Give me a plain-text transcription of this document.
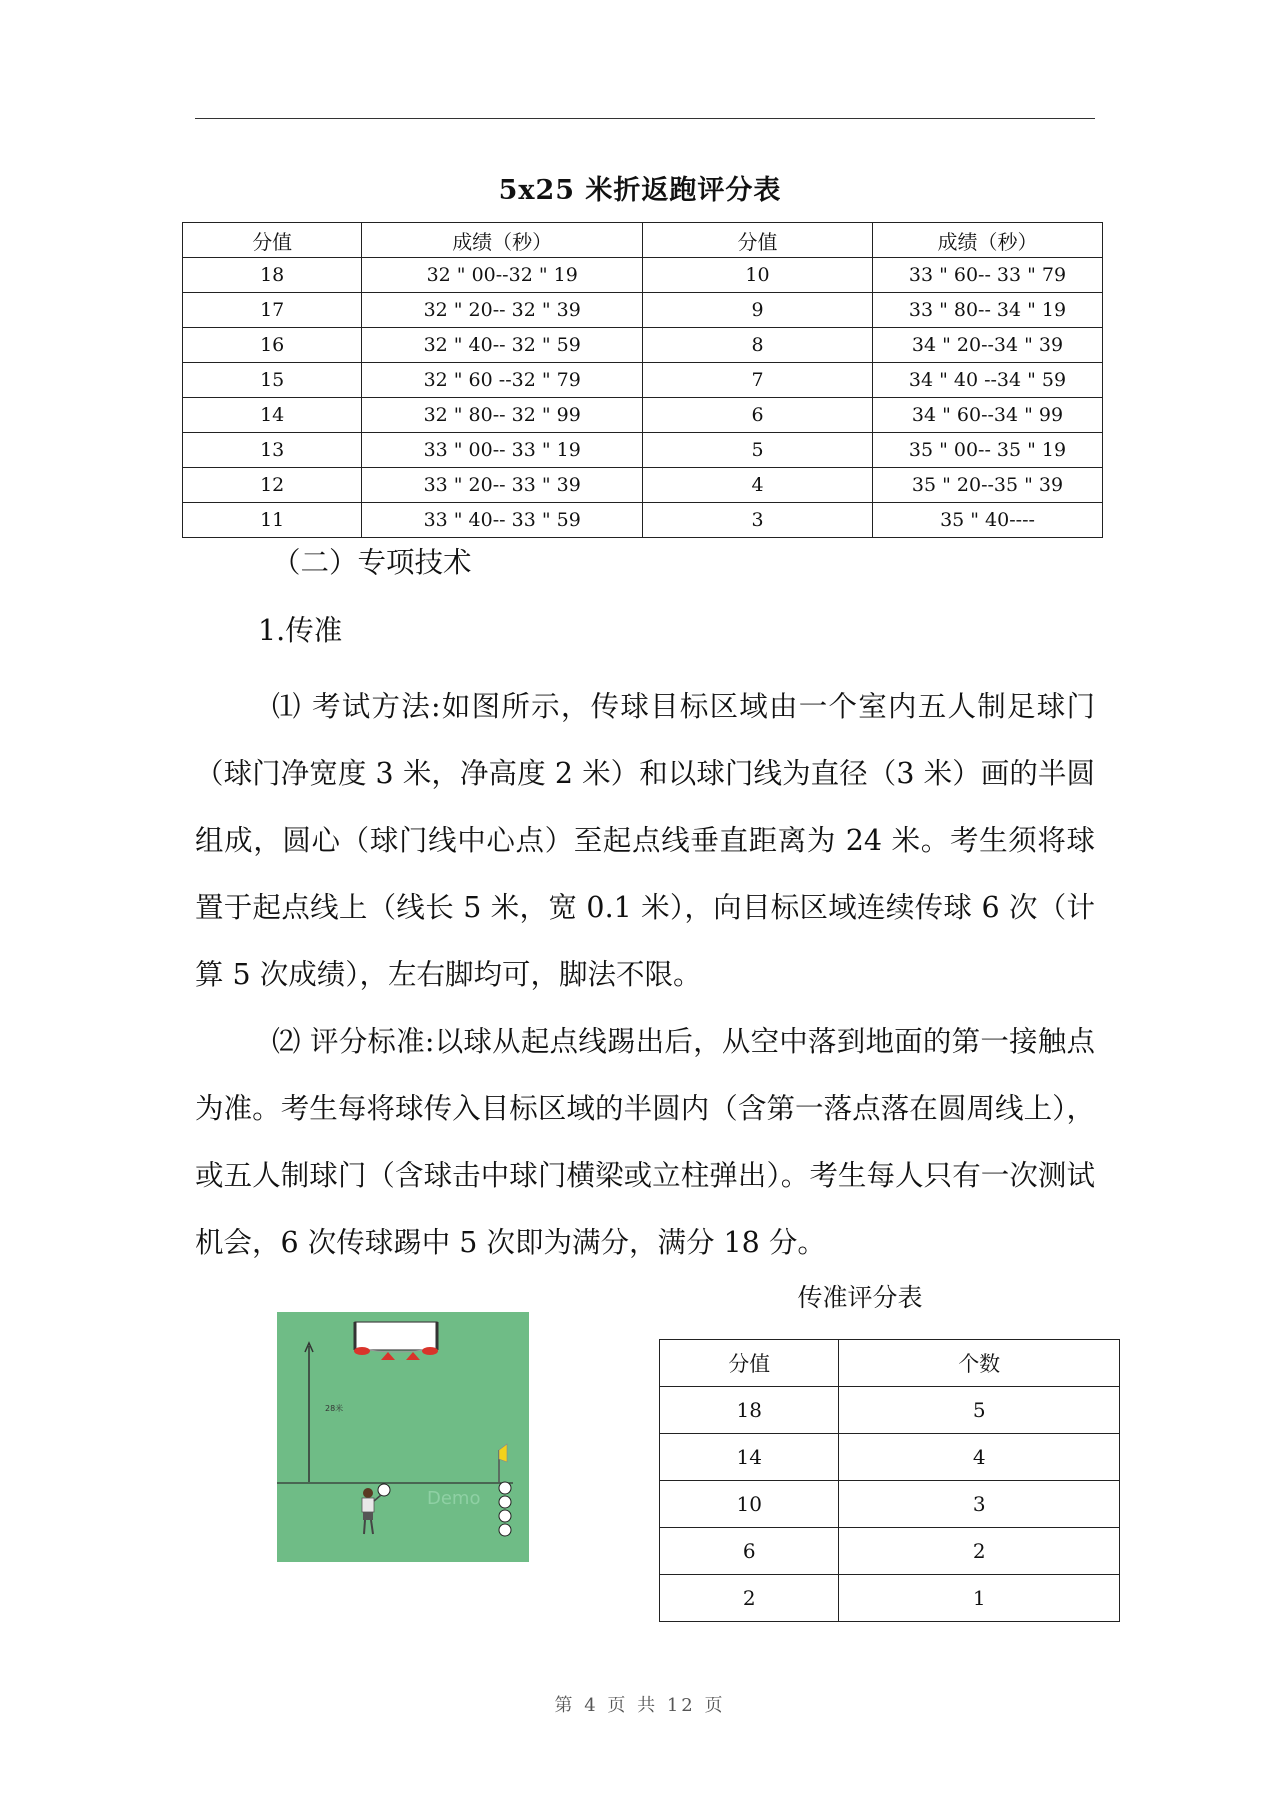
5x25 米折返跑评分表
分值	成绩（秒）	分值	成绩（秒）
18	32 " 00--32 " 19	10	33 " 60-- 33 " 79
17	32 " 20-- 32 " 39	9	33 " 80-- 34 " 19
16	32 " 40-- 32 " 59	8	34 " 20--34 " 39
15	32 " 60 --32 " 79	7	34 " 40 --34 " 59
14	32 " 80-- 32 " 99	6	34 " 60--34 " 99
13	33 " 00-- 33 " 19	5	35 " 00-- 35 " 19
12	33 " 20-- 33 " 39	4	35 " 20--35 " 39
11	33 " 40-- 33 " 59	3	35 " 40----
（二）专项技术
1.传准
⑴ 考试方法:如图所示，传球目标区域由一个室内五人制足球门（球门净宽度 3 米，净高度 2 米）和以球门线为直径（3 米）画的半圆组成，圆心（球门线中心点）至起点线垂直距离为 24 米。考生须将球置于起点线上（线长 5 米，宽 0.1 米），向目标区域连续传球 6 次（计算 5 次成绩），左右脚均可，脚法不限。
⑵ 评分标准:以球从起点线踢出后，从空中落到地面的第一接触点为准。考生每将球传入目标区域的半圆内（含第一落点落在圆周线上），或五人制球门（含球击中球门横梁或立柱弹出）。考生每人只有一次测试机会，6 次传球踢中 5 次即为满分，满分 18 分。
28米
Demo
传准评分表
分值	个数
18	5
14	4
10	3
6	2
2	1
第 4 页 共 12 页
